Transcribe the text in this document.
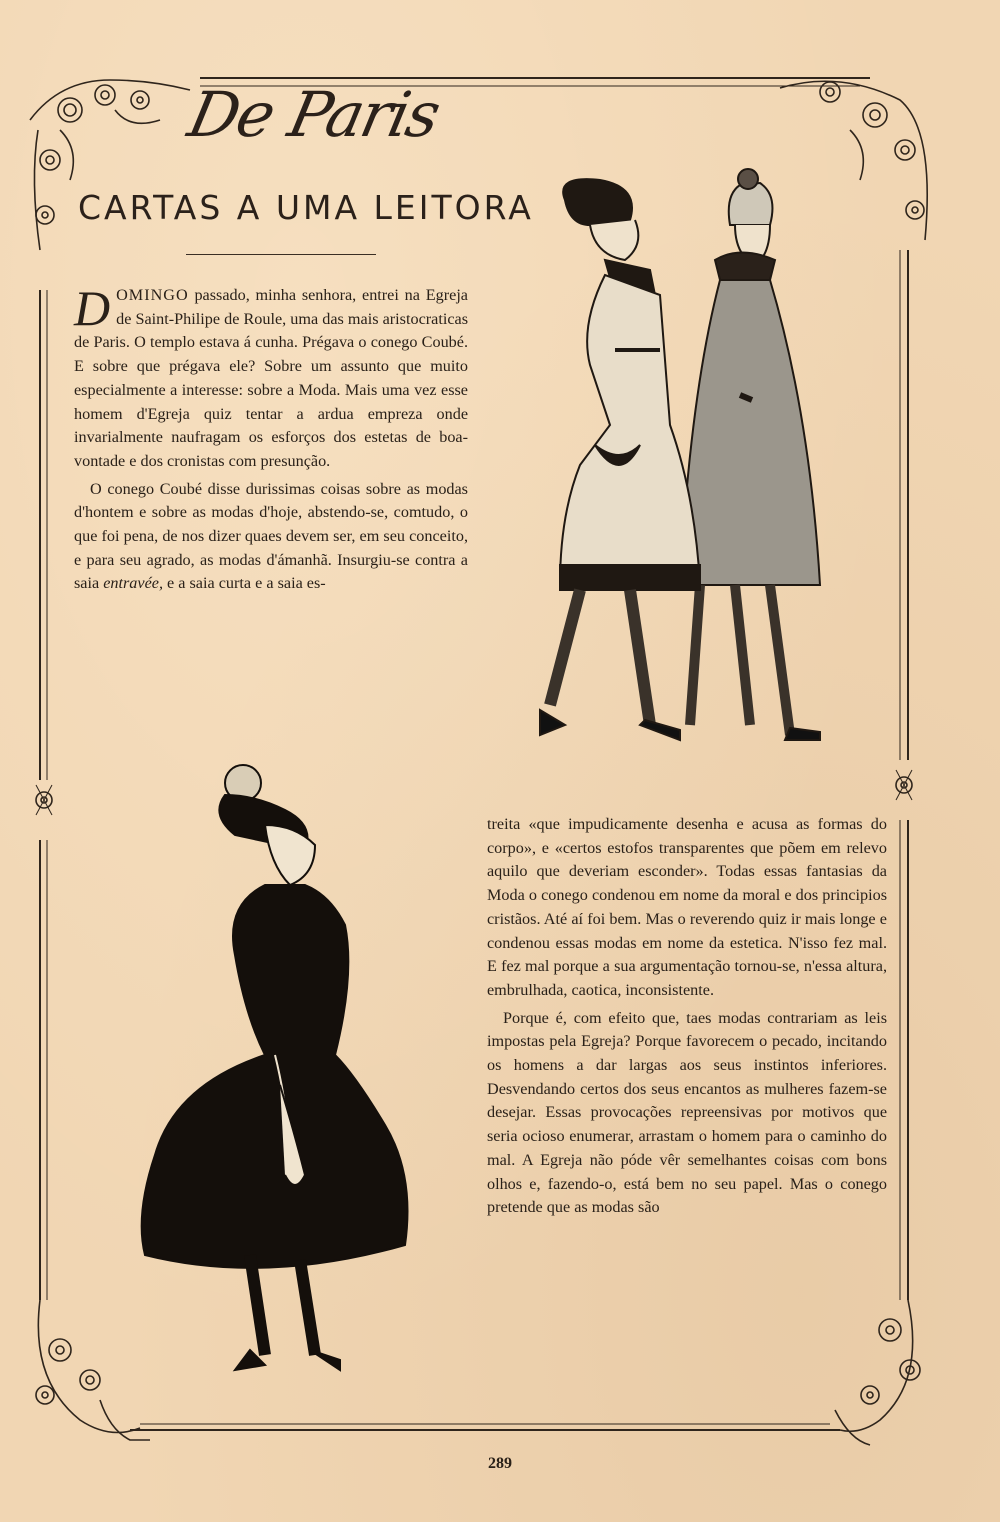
De Paris
CARTAS A UMA LEITORA

DOMINGO passado, minha senhora, entrei na Egreja de Saint-Philipe de Roule, uma das mais aristocraticas de Paris. O templo estava á cunha. Prégava o conego Coubé. E sobre que prégava ele? Sobre um assunto que muito especialmente a interesse: sobre a Moda. Mais uma vez esse homem d'Egreja quiz tentar a ardua empreza onde invarialmente naufragam os esforços dos estetas de boa-vontade e dos cronistas com presunção.

O conego Coubé disse durissimas coisas sobre as modas d'hontem e sobre as modas d'hoje, abstendo-se, comtudo, o que foi pena, de nos dizer quaes devem ser, em seu conceito, e para seu agrado, as modas d'ámanhã. Insurgiu-se contra a saia entravée, e a saia curta e a saia es-

treita «que impudicamente desenha e acusa as formas do corpo», e «certos estofos transparentes que põem em relevo aquilo que deveriam esconder». Todas essas fantasias da Moda o conego condenou em nome da moral e dos principios cristãos. Até aí foi bem. Mas o reverendo quiz ir mais longe e condenou essas modas em nome da estetica. N'isso fez mal. E fez mal porque a sua argumentação tornou-se, n'essa altura, embrulhada, caotica, inconsistente.

Porque é, com efeito que, taes modas contrariam as leis impostas pela Egreja? Porque favorecem o pecado, incitando os homens a dar largas aos seus instintos inferiores. Desvendando certos dos seus encantos as mulheres fazem-se desejar. Essas provocações repreensivas por motivos que seria ocioso enumerar, arrastam o homem para o caminho do mal. A Egreja não póde vêr semelhantes coisas com bons olhos e, fazendo-o, está bem no seu papel. Mas o conego pretende que as modas são

289
